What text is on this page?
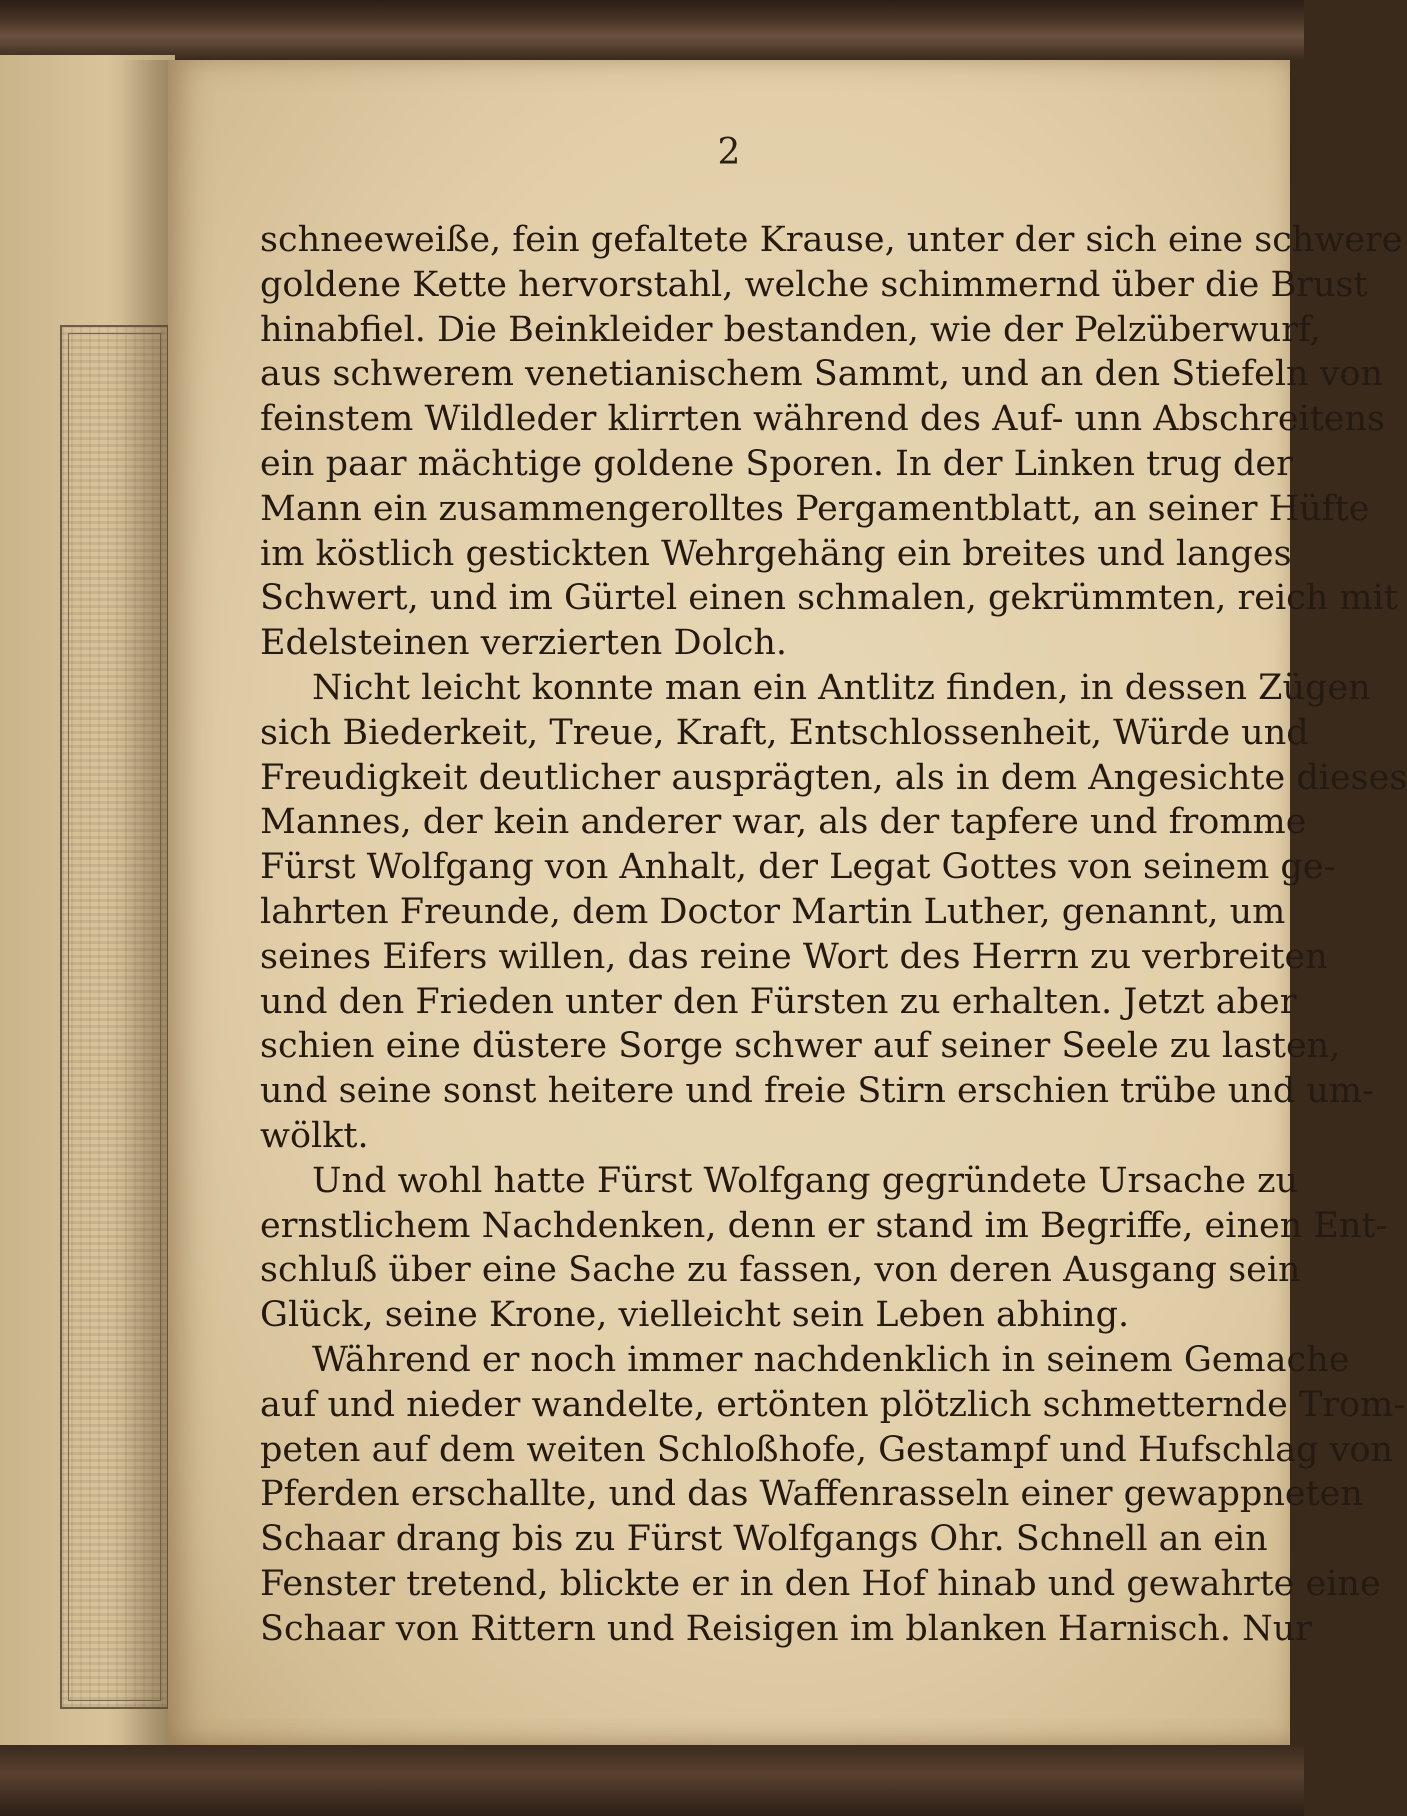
2
schneeweiße, fein gefaltete Krause, unter der sich eine schwere
goldene Kette hervorstahl, welche schimmernd über die Brust
hinabfiel. Die Beinkleider bestanden, wie der Pelzüberwurf,
aus schwerem venetianischem Sammt, und an den Stiefeln von
feinstem Wildleder klirrten während des Auf- unn Abschreitens
ein paar mächtige goldene Sporen. In der Linken trug der
Mann ein zusammengerolltes Pergamentblatt, an seiner Hüfte
im köstlich gestickten Wehrgehäng ein breites und langes
Schwert, und im Gürtel einen schmalen, gekrümmten, reich mit
Edelsteinen verzierten Dolch.
Nicht leicht konnte man ein Antlitz finden, in dessen Zügen
sich Biederkeit, Treue, Kraft, Entschlossenheit, Würde und
Freudigkeit deutlicher ausprägten, als in dem Angesichte dieses
Mannes, der kein anderer war, als der tapfere und fromme
Fürst Wolfgang von Anhalt, der Legat Gottes von seinem ge-
lahrten Freunde, dem Doctor Martin Luther, genannt, um
seines Eifers willen, das reine Wort des Herrn zu verbreiten
und den Frieden unter den Fürsten zu erhalten. Jetzt aber
schien eine düstere Sorge schwer auf seiner Seele zu lasten,
und seine sonst heitere und freie Stirn erschien trübe und um-
wölkt.
Und wohl hatte Fürst Wolfgang gegründete Ursache zu
ernstlichem Nachdenken, denn er stand im Begriffe, einen Ent-
schluß über eine Sache zu fassen, von deren Ausgang sein
Glück, seine Krone, vielleicht sein Leben abhing.
Während er noch immer nachdenklich in seinem Gemache
auf und nieder wandelte, ertönten plötzlich schmetternde Trom-
peten auf dem weiten Schloßhofe, Gestampf und Hufschlag von
Pferden erschallte, und das Waffenrasseln einer gewappneten
Schaar drang bis zu Fürst Wolfgangs Ohr. Schnell an ein
Fenster tretend, blickte er in den Hof hinab und gewahrte eine
Schaar von Rittern und Reisigen im blanken Harnisch. Nur
